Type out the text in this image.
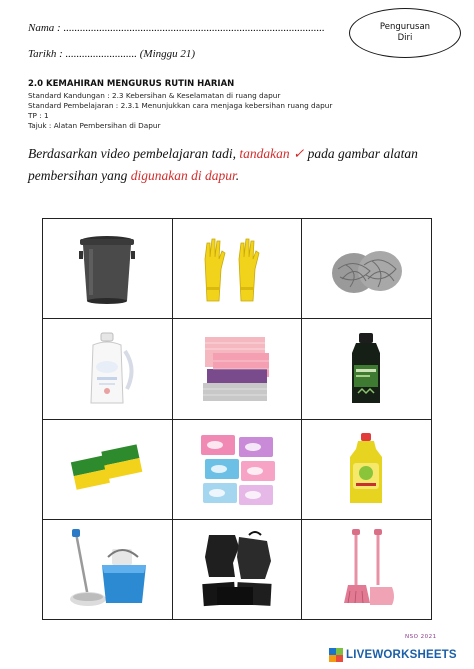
Nama : ...............................................................................................
Tarikh : .......................... (Minggu 21)
Pengurusan
Diri
2.0 KEMAHIRAN MENGURUS RUTIN HARIAN
Standard Kandungan : 2.3 Kebersihan & Keselamatan di ruang dapur
Standard Pembelajaran : 2.3.1 Menunjukkan cara menjaga kebersihan ruang dapur
TP : 1
Tajuk : Alatan Pembersihan di Dapur
Berdasarkan video pembelajaran tadi, tandakan ✓ pada gambar alatan
pembersihan yang digunakan di dapur.

NSO 2021
LIVEWORKSHEETS
